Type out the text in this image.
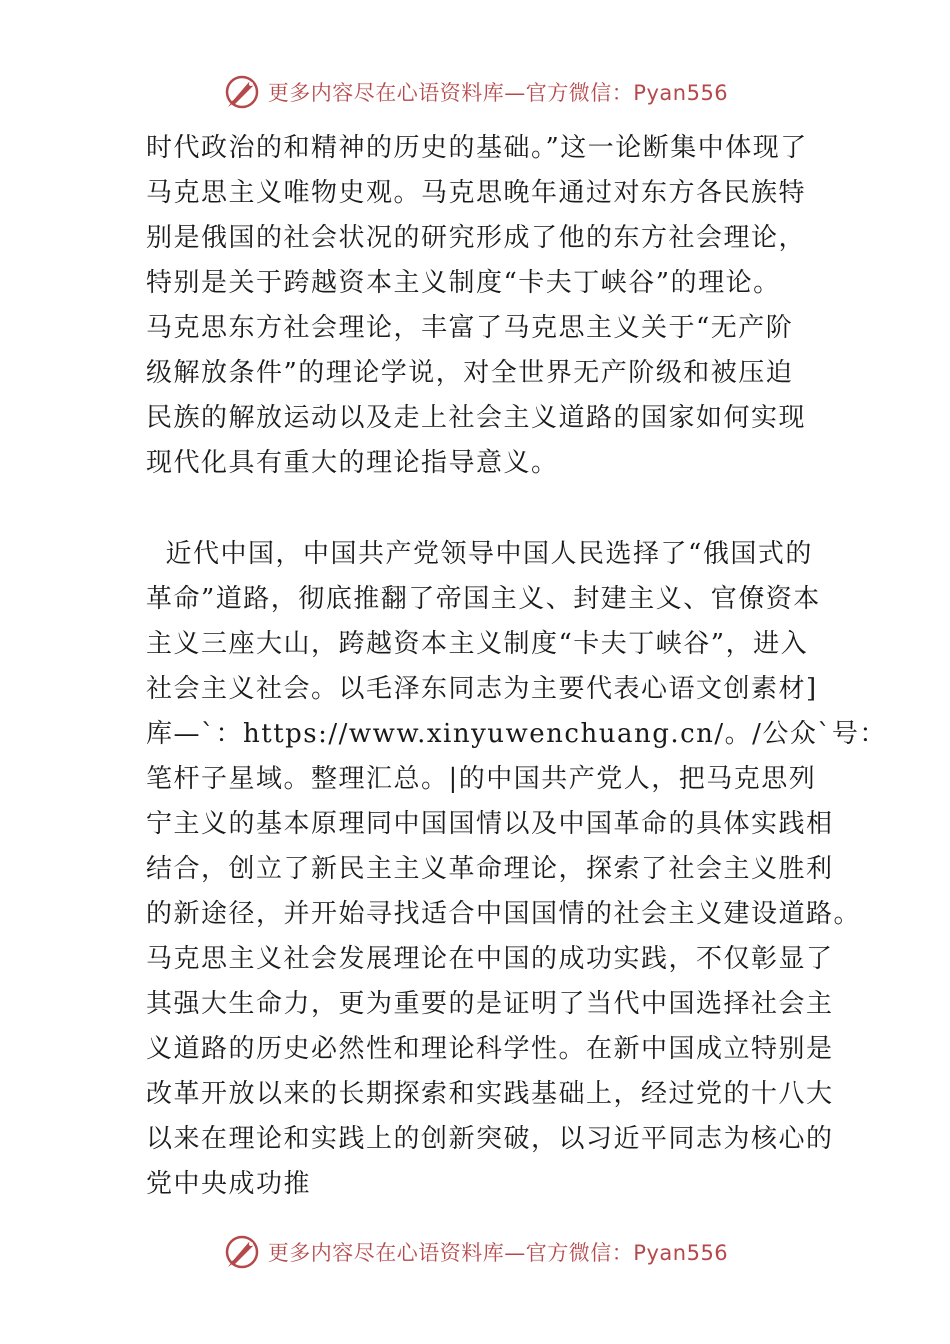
更多内容尽在心语资料库—官方微信：Pyan556
时代政治的和精神的历史的基础。”这一论断集中体现了
马克思主义唯物史观。马克思晚年通过对东方各民族特
别是俄国的社会状况的研究形成了他的东方社会理论，
特别是关于跨越资本主义制度“卡夫丁峡谷”的理论。
马克思东方社会理论，丰富了马克思主义关于“无产阶
级解放条件”的理论学说，对全世界无产阶级和被压迫
民族的解放运动以及走上社会主义道路的国家如何实现
现代化具有重大的理论指导意义。
近代中国，中国共产党领导中国人民选择了“俄国式的
革命”道路，彻底推翻了帝国主义、封建主义、官僚资本
主义三座大山，跨越资本主义制度“卡夫丁峡谷”，进入
社会主义社会。以毛泽东同志为主要代表心语文创素材]
库—`：https://www.xinyuwenchuang.cn/。/公众`号：
笔杆子星域。整理汇总。|的中国共产党人，把马克思列
宁主义的基本原理同中国国情以及中国革命的具体实践相
结合，创立了新民主主义革命理论，探索了社会主义胜利
的新途径，并开始寻找适合中国国情的社会主义建设道路。
马克思主义社会发展理论在中国的成功实践，不仅彰显了
其强大生命力，更为重要的是证明了当代中国选择社会主
义道路的历史必然性和理论科学性。在新中国成立特别是
改革开放以来的长期探索和实践基础上，经过党的十八大
以来在理论和实践上的创新突破，以习近平同志为核心的
党中央成功推
更多内容尽在心语资料库—官方微信：Pyan556
